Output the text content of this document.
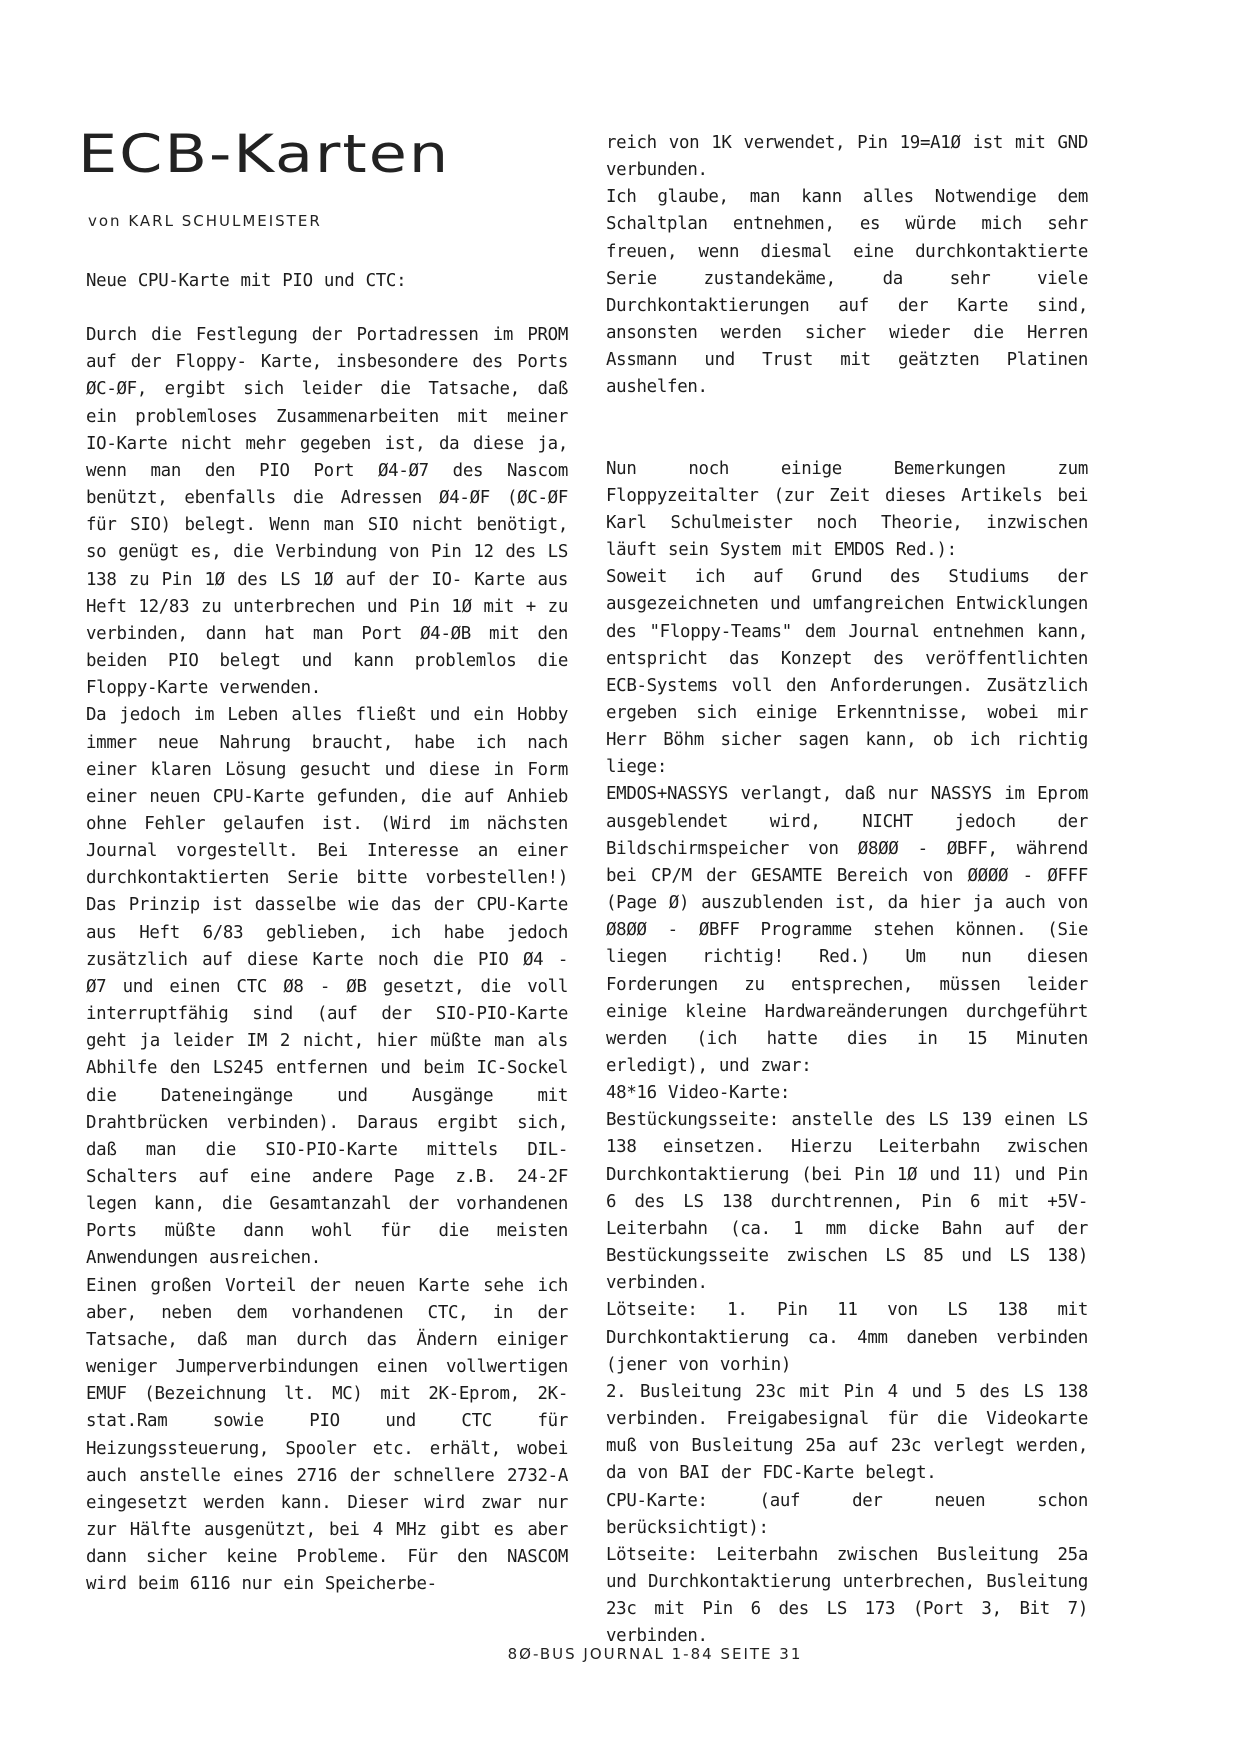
ECB-Karten

von KARL SCHULMEISTER

Neue CPU-Karte mit PIO und CTC:

Durch die Festlegung der Portadressen im PROM auf der Floppy- Karte, insbesondere des Ports ØC-ØF, ergibt sich leider die Tatsache, daß ein problemloses Zusammenarbeiten mit meiner IO-Karte nicht mehr gegeben ist, da diese ja, wenn man den PIO Port Ø4-Ø7 des Nascom benützt, ebenfalls die Adressen Ø4-ØF (ØC-ØF für SIO) belegt. Wenn man SIO nicht benötigt, so genügt es, die Verbindung von Pin 12 des LS 138 zu Pin 1Ø des LS 1Ø auf der IO- Karte aus Heft 12/83 zu unterbrechen und Pin 1Ø mit + zu verbinden, dann hat man Port Ø4-ØB mit den beiden PIO belegt und kann problemlos die Floppy-Karte verwenden.

Da jedoch im Leben alles fließt und ein Hobby immer neue Nahrung braucht, habe ich nach einer klaren Lösung gesucht und diese in Form einer neuen CPU-Karte gefunden, die auf Anhieb ohne Fehler gelaufen ist. (Wird im nächsten Journal vorgestellt. Bei Interesse an einer durchkontaktierten Serie bitte vorbestellen!) Das Prinzip ist dasselbe wie das der CPU-Karte aus Heft 6/83 geblieben, ich habe jedoch zusätzlich auf diese Karte noch die PIO Ø4 - Ø7 und einen CTC Ø8 - ØB gesetzt, die voll interruptfähig sind (auf der SIO-PIO-Karte geht ja leider IM 2 nicht, hier müßte man als Abhilfe den LS245 entfernen und beim IC-Sockel die Dateneingänge und Ausgänge mit Drahtbrücken verbinden). Daraus ergibt sich, daß man die SIO-PIO-Karte mittels DIL-Schalters auf eine andere Page z.B. 24-2F legen kann, die Gesamtanzahl der vorhandenen Ports müßte dann wohl für die meisten Anwendungen ausreichen.

Einen großen Vorteil der neuen Karte sehe ich aber, neben dem vorhandenen CTC, in der Tatsache, daß man durch das Ändern einiger weniger Jumperverbindungen einen vollwertigen EMUF (Bezeichnung lt. MC) mit 2K-Eprom, 2K-stat.Ram sowie PIO und CTC für Heizungssteuerung, Spooler etc. erhält, wobei auch anstelle eines 2716 der schnellere 2732-A eingesetzt werden kann. Dieser wird zwar nur zur Hälfte ausgenützt, bei 4 MHz gibt es aber dann sicher keine Probleme. Für den NASCOM wird beim 6116 nur ein Speicherbe-

reich von 1K verwendet, Pin 19=A1Ø ist mit GND verbunden.

Ich glaube, man kann alles Notwendige dem Schaltplan entnehmen, es würde mich sehr freuen, wenn diesmal eine durchkontaktierte Serie zustandekäme, da sehr viele Durchkontaktierungen auf der Karte sind, ansonsten werden sicher wieder die Herren Assmann und Trust mit geätzten Platinen aushelfen.

Nun noch einige Bemerkungen zum Floppyzeitalter (zur Zeit dieses Artikels bei Karl Schulmeister noch Theorie, inzwischen läuft sein System mit EMDOS Red.):

Soweit ich auf Grund des Studiums der ausgezeichneten und umfangreichen Entwicklungen des "Floppy-Teams" dem Journal entnehmen kann, entspricht das Konzept des veröffentlichten ECB-Systems voll den Anforderungen. Zusätzlich ergeben sich einige Erkenntnisse, wobei mir Herr Böhm sicher sagen kann, ob ich richtig liege:

EMDOS+NASSYS verlangt, daß nur NASSYS im Eprom ausgeblendet wird, NICHT jedoch der Bildschirmspeicher von Ø8ØØ - ØBFF, während bei CP/M der GESAMTE Bereich von ØØØØ - ØFFF (Page Ø) auszublenden ist, da hier ja auch von Ø8ØØ - ØBFF Programme stehen können. (Sie liegen richtig! Red.) Um nun diesen Forderungen zu entsprechen, müssen leider einige kleine Hardwareänderungen durchgeführt werden (ich hatte dies in 15 Minuten erledigt), und zwar:

48*16 Video-Karte:

Bestückungsseite: anstelle des LS 139 einen LS 138 einsetzen. Hierzu Leiterbahn zwischen Durchkontaktierung (bei Pin 1Ø und 11) und Pin 6 des LS 138 durchtrennen, Pin 6 mit +5V-Leiterbahn (ca. 1 mm dicke Bahn auf der Bestückungsseite zwischen LS 85 und LS 138) verbinden.

Lötseite: 1. Pin 11 von LS 138 mit Durchkontaktierung ca. 4mm daneben verbinden (jener von vorhin)

2. Busleitung 23c mit Pin 4 und 5 des LS 138 verbinden. Freigabesignal für die Videokarte muß von Busleitung 25a auf 23c verlegt werden, da von BAI der FDC-Karte belegt.

CPU-Karte: (auf der neuen schon berücksichtigt):

Lötseite: Leiterbahn zwischen Busleitung 25a und Durchkontaktierung unterbrechen, Busleitung 23c mit Pin 6 des LS 173 (Port 3, Bit 7) verbinden.

8Ø-BUS JOURNAL 1-84 SEITE 31
